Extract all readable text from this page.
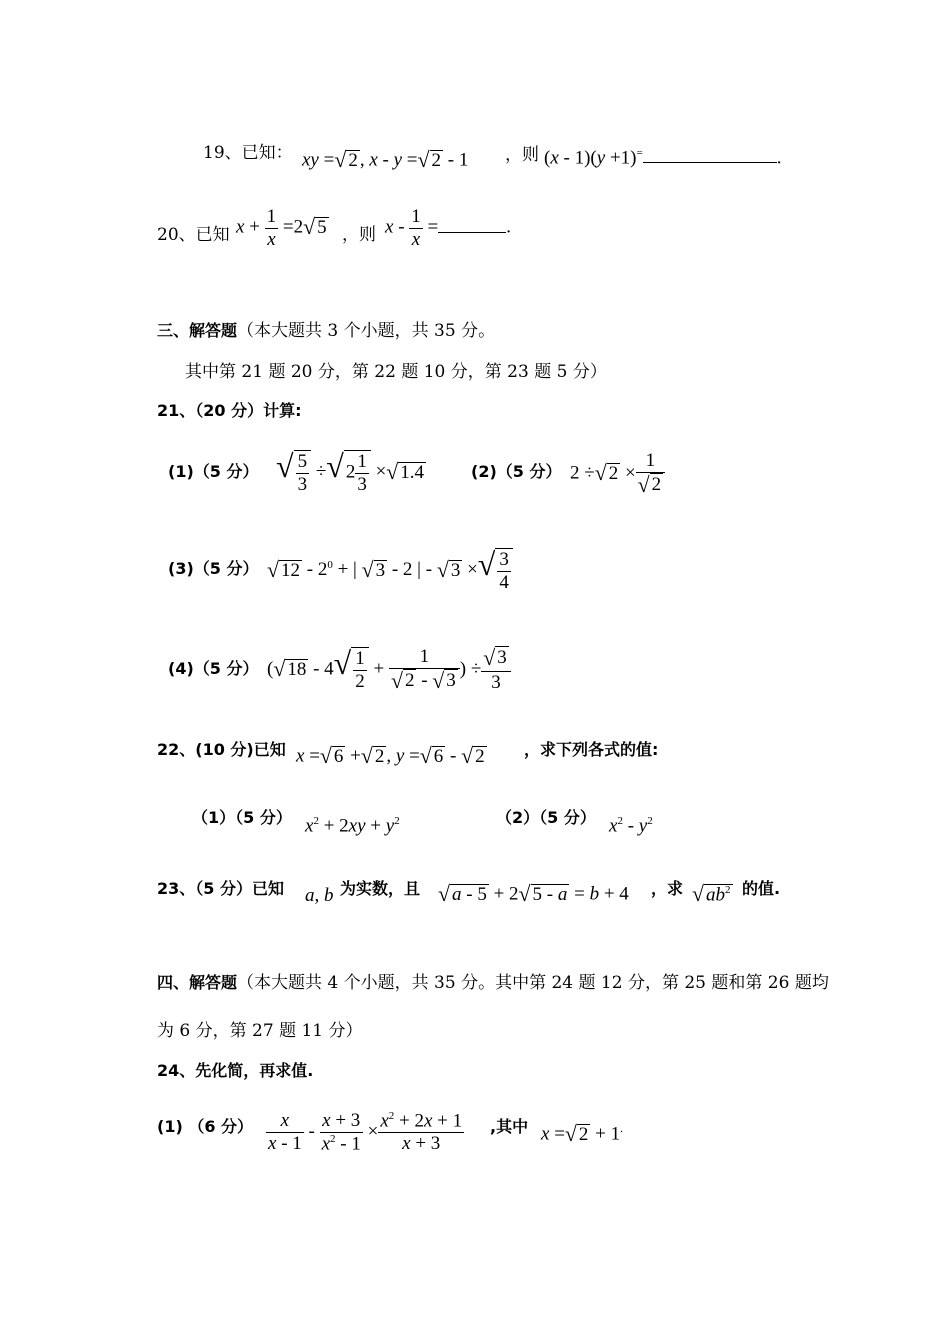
19、已知： xy =√ 2 , x - y =√ 2 - 1 ，则 (x - 1)(y +1)=	.
20、已知 $x + \frac{1}{x} =2√$ 5 ，则 x - $\frac{1}{x}$ =	.
三、解答题（本大题共 3 个小题，共 35 分。
其中第 21 题 20 分，第 22 题 10 分，第 23 题 5 分）
21、（20 分）计算:
(1)（5 分） √ $\frac{5}{3}$ ÷√ $2 \frac{1}{3}$ ×√ 1.4	(2)（5 分） 2 ÷√ $2 \times \frac{1}{√ 2}$
(3)（5 分） √ $12 - 2^0$ + | √ 3 - 2 | - √ 3 ×√ $\frac{3}{4}$
(4)（5 分） (√ $18 - 4√ \frac{1}{2} + \frac{1}{√ 2 - √ 3}$ ) ÷ $\frac{√ 3}{3}$
22、(10 分)已知 x =√ 6 +√ 2 , y =√ 6 - √ 2 ，求下列各式的值:
（1）（5 分） $x^2 + 2xy + y^2$	（2）（5 分） $x^2 - y^2$
23、（5 分）已知 a, b 为实数，且 √ a - 5 + 2√ 5 - a = b + 4 ，求 √ $ab^2$ 的值.
四、解答题（本大题共 4 个小题，共 35 分。其中第 24 题 12 分，第 25 题和第 26 题均
为 6 分，第 27 题 11 分）
24、先化简，再求值.
(1) （6 分） $\frac{x}{x - 1} - \frac{x + 3}{x^2 - 1} \times \frac{x^2 + 2x + 1}{x + 3}$ ,其中 x =√ 2 + 1.
